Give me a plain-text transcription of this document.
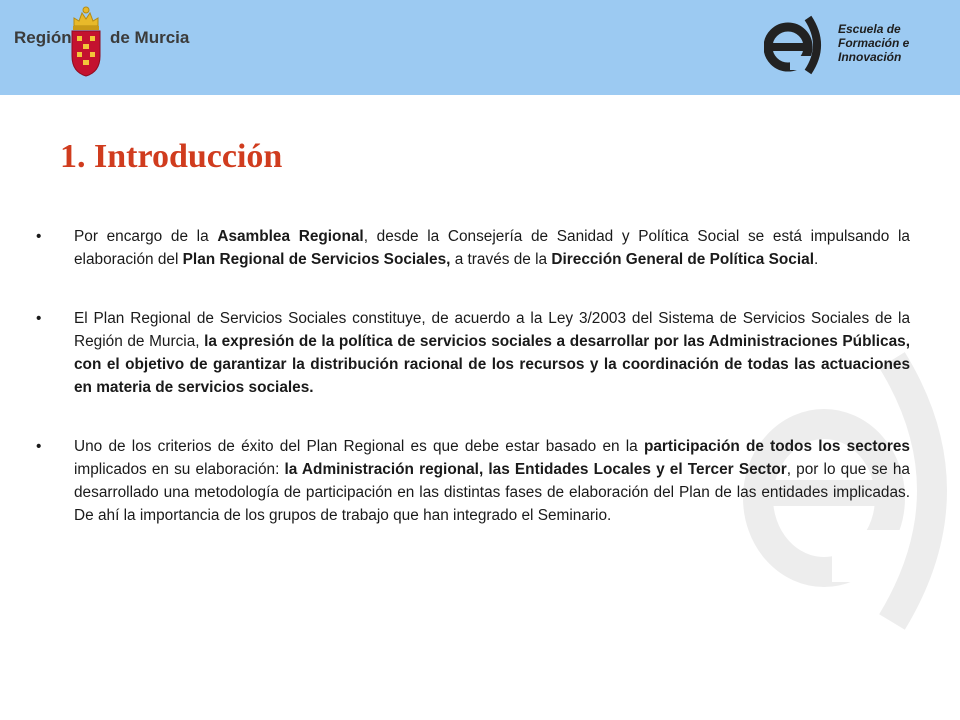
Región de Murcia	Escuela de
Formación e
Innovación
1. Introducción

• Por encargo de la Asamblea Regional, desde la Consejería de Sanidad y Política Social se está impulsando la elaboración del Plan Regional de Servicios Sociales, a través de la Dirección General de Política Social.

• El Plan Regional de Servicios Sociales constituye, de acuerdo a la Ley 3/2003 del Sistema de Servicios Sociales de la Región de Murcia, la expresión de la política de servicios sociales a desarrollar por las Administraciones Públicas, con el objetivo de garantizar la distribución racional de los recursos y la coordinación de todas las actuaciones en materia de servicios sociales.

• Uno de los criterios de éxito del Plan Regional es que debe estar basado en la participación de todos los sectores implicados en su elaboración: la Administración regional, las Entidades Locales y el Tercer Sector, por lo que se ha desarrollado una metodología de participación en las distintas fases de elaboración del Plan de las entidades implicadas. De ahí la importancia de los grupos de trabajo que han integrado el Seminario.
